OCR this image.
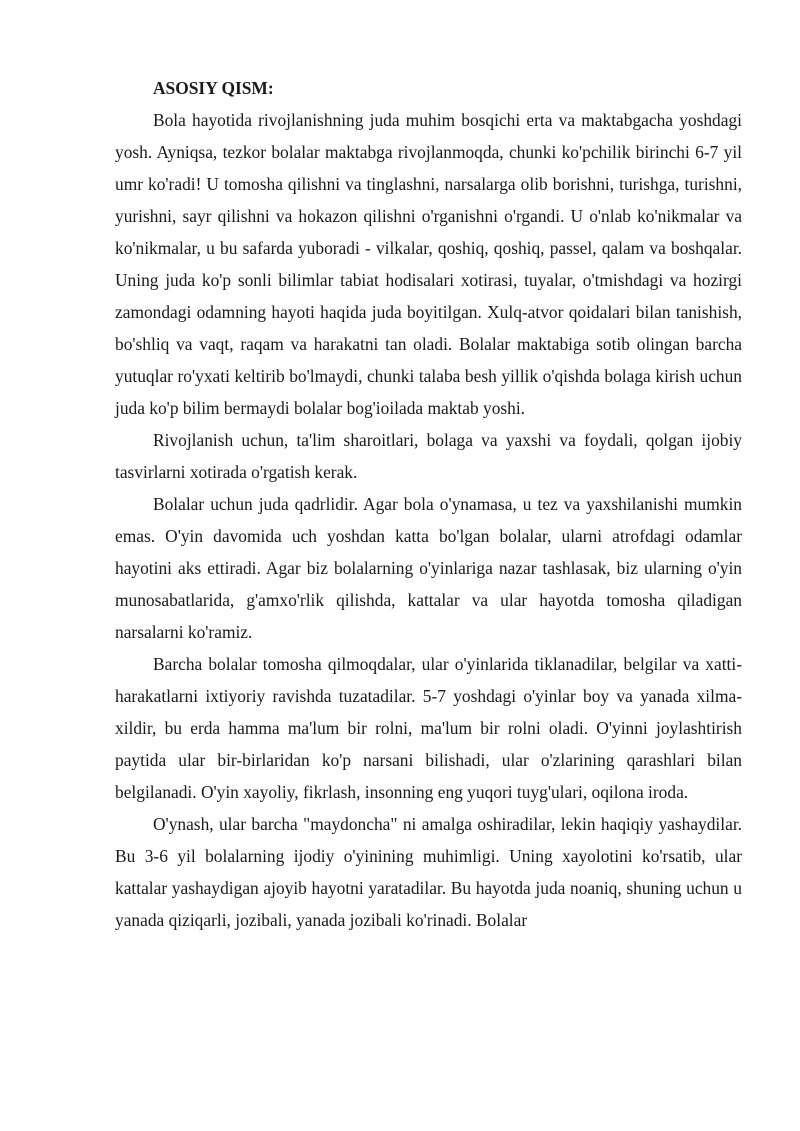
ASOSIY QISM:

Bola hayotida rivojlanishning juda muhim bosqichi erta va maktabgacha yoshdagi yosh. Ayniqsa, tezkor bolalar maktabga rivojlanmoqda, chunki ko'pchilik birinchi 6-7 yil umr ko'radi! U tomosha qilishni va tinglashni, narsalarga olib borishni, turishga, turishni, yurishni, sayr qilishni va hokazon qilishni o'rganishni o'rgandi. U o'nlab ko'nikmalar va ko'nikmalar, u bu safarda yuboradi - vilkalar, qoshiq, qoshiq, passel, qalam va boshqalar. Uning juda ko'p sonli bilimlar tabiat hodisalari xotirasi, tuyalar, o'tmishdagi va hozirgi zamondagi odamning hayoti haqida juda boyitilgan. Xulq-atvor qoidalari bilan tanishish, bo'shliq va vaqt, raqam va harakatni tan oladi. Bolalar maktabiga sotib olingan barcha yutuqlar ro'yxati keltirib bo'lmaydi, chunki talaba besh yillik o'qishda bolaga kirish uchun juda ko'p bilim bermaydi bolalar bog'ioilada maktab yoshi.

Rivojlanish uchun, ta'lim sharoitlari, bolaga va yaxshi va foydali, qolgan ijobiy tasvirlarni xotirada o'rgatish kerak.

Bolalar uchun juda qadrlidir. Agar bola o'ynamasa, u tez va yaxshilanishi mumkin emas. O'yin davomida uch yoshdan katta bo'lgan bolalar, ularni atrofdagi odamlar hayotini aks ettiradi. Agar biz bolalarning o'yinlariga nazar tashlasak, biz ularning o'yin munosabatlarida, g'amxo'rlik qilishda, kattalar va ular hayotda tomosha qiladigan narsalarni ko'ramiz.

Barcha bolalar tomosha qilmoqdalar, ular o'yinlarida tiklanadilar, belgilar va xatti-harakatlarni ixtiyoriy ravishda tuzatadilar. 5-7 yoshdagi o'yinlar boy va yanada xilma-xildir, bu erda hamma ma'lum bir rolni, ma'lum bir rolni oladi. O'yinni joylashtirish paytida ular bir-birlaridan ko'p narsani bilishadi, ular o'zlarining qarashlari bilan belgilanadi. O'yin xayoliy, fikrlash, insonning eng yuqori tuyg'ulari, oqilona iroda.

O'ynash, ular barcha "maydoncha" ni amalga oshiradilar, lekin haqiqiy yashaydilar. Bu 3-6 yil bolalarning ijodiy o'yinining muhimligi. Uning xayolotini ko'rsatib, ular kattalar yashaydigan ajoyib hayotni yaratadilar. Bu hayotda juda noaniq, shuning uchun u yanada qiziqarli, jozibali, yanada jozibali ko'rinadi. Bolalar
